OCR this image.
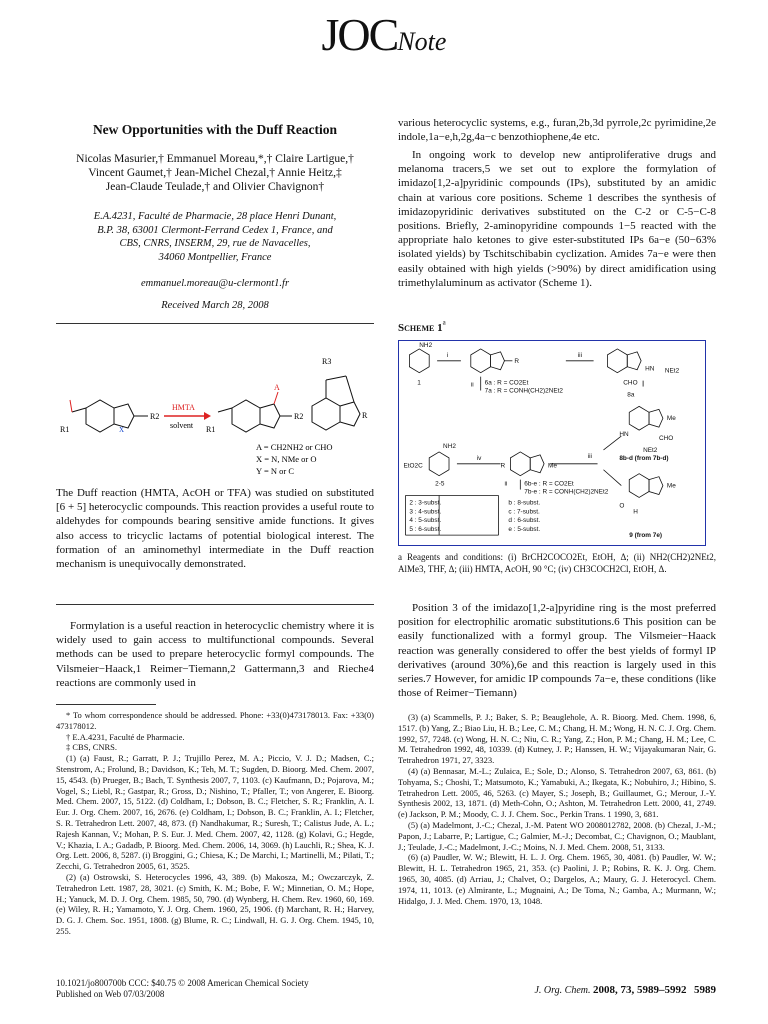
JOCNote
New Opportunities with the Duff Reaction
Nicolas Masurier,† Emmanuel Moreau,*,† Claire Lartigue,†
Vincent Gaumet,† Jean-Michel Chezal,† Annie Heitz,‡
Jean-Claude Teulade,† and Olivier Chavignon†
E.A.4231, Faculté de Pharmacie, 28 place Henri Dunant,
B.P. 38, 63001 Clermont-Ferrand Cedex 1, France, and
CBS, CNRS, INSERM, 29, rue de Navacelles,
34060 Montpellier, France
emmanuel.moreau@u-clermont1.fr
Received March 28, 2008
R1
R2
X
HMTA
solvent
A
R2
R1
R3
R
A = CH2NH2 or CHO
X = N, NMe or O
Y = N or C
The Duff reaction (HMTA, AcOH or TFA) was studied on substituted [6 + 5] heterocyclic compounds. This reaction provides a useful route to aldehydes for compounds bearing sensitive amide functions. It gives also access to tricyclic lactams of potential biological interest. The formation of an aminomethyl intermediate in the Duff reaction mechanism is unequivocally demonstrated.
Formylation is a useful reaction in heterocyclic chemistry where it is widely used to gain access to multifunctional compounds. Several methods can be used to prepare heterocyclic formyl compounds. The Vilsmeier−Haack,1 Reimer−Tiemann,2 Gattermann,3 and Rieche4 reactions are commonly used in

* To whom correspondence should be addressed. Phone: +33(0)473178013. Fax: +33(0) 473178012.

† E.A.4231, Faculté de Pharmacie.

‡ CBS, CNRS.

(1) (a) Faust, R.; Garratt, P. J.; Trujillo Perez, M. A.; Piccio, V. J. D.; Madsen, C.; Stenstrom, A.; Frolund, B.; Davidson, K.; Teh, M. T.; Sugden, D. Bioorg. Med. Chem. 2007, 15, 4543. (b) Prueger, B.; Bach, T. Synthesis 2007, 7, 1103. (c) Kaufmann, D.; Pojarova, M.; Vogel, S.; Liebl, R.; Gastpar, R.; Gross, D.; Nishino, T.; Pfaller, T.; von Angerer, E. Bioorg. Med. Chem. 2007, 15, 5122. (d) Coldham, I.; Dobson, B. C.; Fletcher, S. R.; Franklin, A. I. Eur. J. Org. Chem. 2007, 16, 2676. (e) Coldham, I.; Dobson, B. C.; Franklin, A. I.; Fletcher, S. R. Tetrahedron Lett. 2007, 48, 873. (f) Nandhakumar, R.; Suresh, T.; Calistus Jude, A. L.; Rajesh Kannan, V.; Mohan, P. S. Eur. J. Med. Chem. 2007, 42, 1128. (g) Kolavi, G.; Hegde, V.; Khazia, I. A.; Gadadb, P. Bioorg. Med. Chem. 2006, 14, 3069. (h) Lauchli, R.; Shea, K. J. Org. Lett. 2006, 8, 5287. (i) Broggini, G.; Chiesa, K.; De Marchi, I.; Martinelli, M.; Pilati, T.; Zecchi, G. Tetrahedron 2005, 61, 3525.

(2) (a) Ostrowski, S. Heterocycles 1996, 43, 389. (b) Makosza, M.; Owczarczyk, Z. Tetrahedron Lett. 1987, 28, 3021. (c) Smith, K. M.; Bobe, F. W.; Minnetian, O. M.; Hope, H.; Yanuck, M. D. J. Org. Chem. 1985, 50, 790. (d) Wynberg, H. Chem. Rev. 1960, 60, 169. (e) Wiley, R. H.; Yamamoto, Y. J. Org. Chem. 1960, 25, 1906. (f) Marchant, R. H.; Harvey, D. G. J. Chem. Soc. 1951, 1808. (g) Blume, R. C.; Lindwall, H. G. J. Org. Chem. 1945, 10, 255.

various heterocyclic systems, e.g., furan,2b,3d pyrrole,2c pyrimidine,2e indole,1a−e,h,2g,4a−c benzothiophene,4e etc.
In ongoing work to develop new antiproliferative drugs and melanoma tracers,5 we set out to explore the formylation of imidazo[1,2-a]pyridinic compounds (IPs), substituted by an amidic chain at various core positions. Scheme 1 describes the synthesis of imidazopyridinic derivatives substituted on the C-2 or C-5−C-8 positions. Briefly, 2-aminopyridine compounds 1−5 reacted with the appropriate halo ketones to give ester-substituted IPs 6a−e (50−63% isolated yields) by Tschitschibabin cyclization. Amides 7a−e were then easily obtained with high yields (>90%) by direct amidification using trimethylaluminum as activator (Scheme 1).
Scheme 1$^a$
NH2
1
i
R
iii
ii 6a : R = CO2Et
7a : R = CONH(CH2)2NEt2
HN NEt2
CHO
8a
Me
HN
CHO
NEt2
8b-d (from 7b-d)
EtO2C
NH2
iv
R	Me
iii
2-5	ii	6b-e : R = CO2Et
7b-e : R = CONH(CH2)2NEt2
Me
H
O
9 (from 7e)
2 : 3-subst.
3 : 4-subst.
4 : 5-subst.
5 : 6-subst.
b : 8-subst.
c : 7-subst.
d : 6-subst.
e : 5-subst.
a Reagents and conditions: (i) BrCH2COCO2Et, EtOH, Δ; (ii) NH2(CH2)2NEt2, AlMe3, THF, Δ; (iii) HMTA, AcOH, 90 °C; (iv) CH3COCH2Cl, EtOH, Δ.
Position 3 of the imidazo[1,2-a]pyridine ring is the most preferred position for electrophilic aromatic substitutions.6 This position can be easily functionalized with a formyl group. The Vilsmeier−Haack reaction was generally considered to offer the best yields of formyl IP derivatives (around 30%),6e and this reaction is largely used in this series.7 However, for amidic IP compounds 7a−e, these conditions (like those of Reimer−Tiemann)

(3) (a) Scammells, P. J.; Baker, S. P.; Beaugleholе, A. R. Bioorg. Med. Chem. 1998, 6, 1517. (b) Yang, Z.; Biao Liu, H. B.; Lee, C. M.; Chang, H. M.; Wong, H. N. C. J. Org. Chem. 1992, 57, 7248. (c) Wong, H. N. C.; Niu, C. R.; Yang, Z.; Hon, P. M.; Chang, H. M.; Lee, C. M. Tetrahedron 1992, 48, 10339. (d) Kutney, J. P.; Hanssen, H. W.; Vijayakumaran Nair, G. Tetrahedron 1971, 27, 3323.

(4) (a) Bennasar, M.-L.; Zulaica, E.; Sole, D.; Alonso, S. Tetrahedron 2007, 63, 861. (b) Tohyama, S.; Choshi, T.; Matsumoto, K.; Yamabuki, A.; Ikegata, K.; Nobuhiro, J.; Hibino, S. Tetrahedron Lett. 2005, 46, 5263. (c) Mayer, S.; Joseph, B.; Guillaumet, G.; Merour, J.-Y. Synthesis 2002, 13, 1871. (d) Meth-Cohn, O.; Ashton, M. Tetrahedron Lett. 2000, 41, 2749. (e) Jackson, P. M.; Moody, C. J. J. Chem. Soc., Perkin Trans. 1 1990, 3, 681.

(5) (a) Madelmont, J.-C.; Chezal, J.-M. Patent WO 2008012782, 2008. (b) Chezal, J.-M.; Papon, J.; Labarre, P.; Lartigue, C.; Galmier, M.-J.; Decombat, C.; Chavignon, O.; Maublant, J.; Teulade, J.-C.; Madelmont, J.-C.; Moins, N. J. Med. Chem. 2008, 51, 3133.

(6) (a) Paudler, W. W.; Blewitt, H. L. J. Org. Chem. 1965, 30, 4081. (b) Paudler, W. W.; Blewitt, H. L. Tetrahedron 1965, 21, 353. (c) Paolini, J. P.; Robins, R. K. J. Org. Chem. 1965, 30, 4085. (d) Arriau, J.; Chalvet, O.; Dargelos, A.; Maury, G. J. Heterocycl. Chem. 1974, 11, 1013. (e) Almirante, L.; Mugnaini, A.; De Toma, N.; Gamba, A.; Murmann, W.; Hidalgo, J. J. Med. Chem. 1970, 13, 1048.

10.1021/jo800700b CCC: $40.75 © 2008 American Chemical Society
Published on Web 07/03/2008	J. Org. Chem. 2008, 73, 5989–5992 5989
